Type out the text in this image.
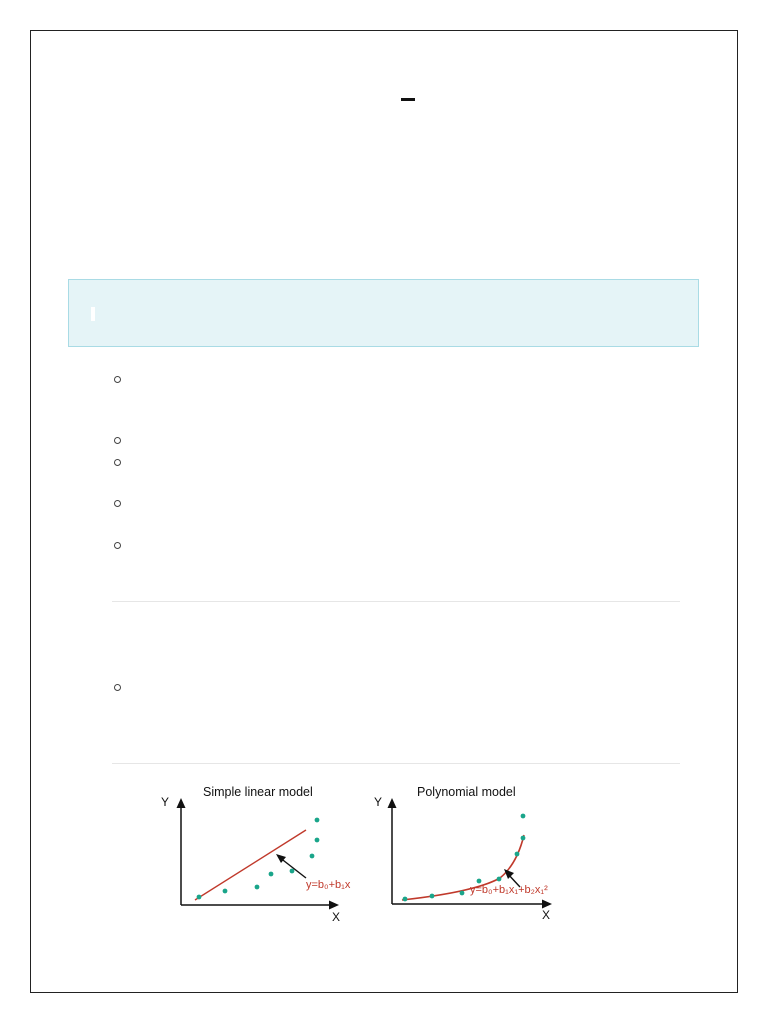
Simple linear model
Y
X
y=b₀+b₁x
Polynomial model
Y
X
y=b₀+b₁x₁+b₂x₁²
